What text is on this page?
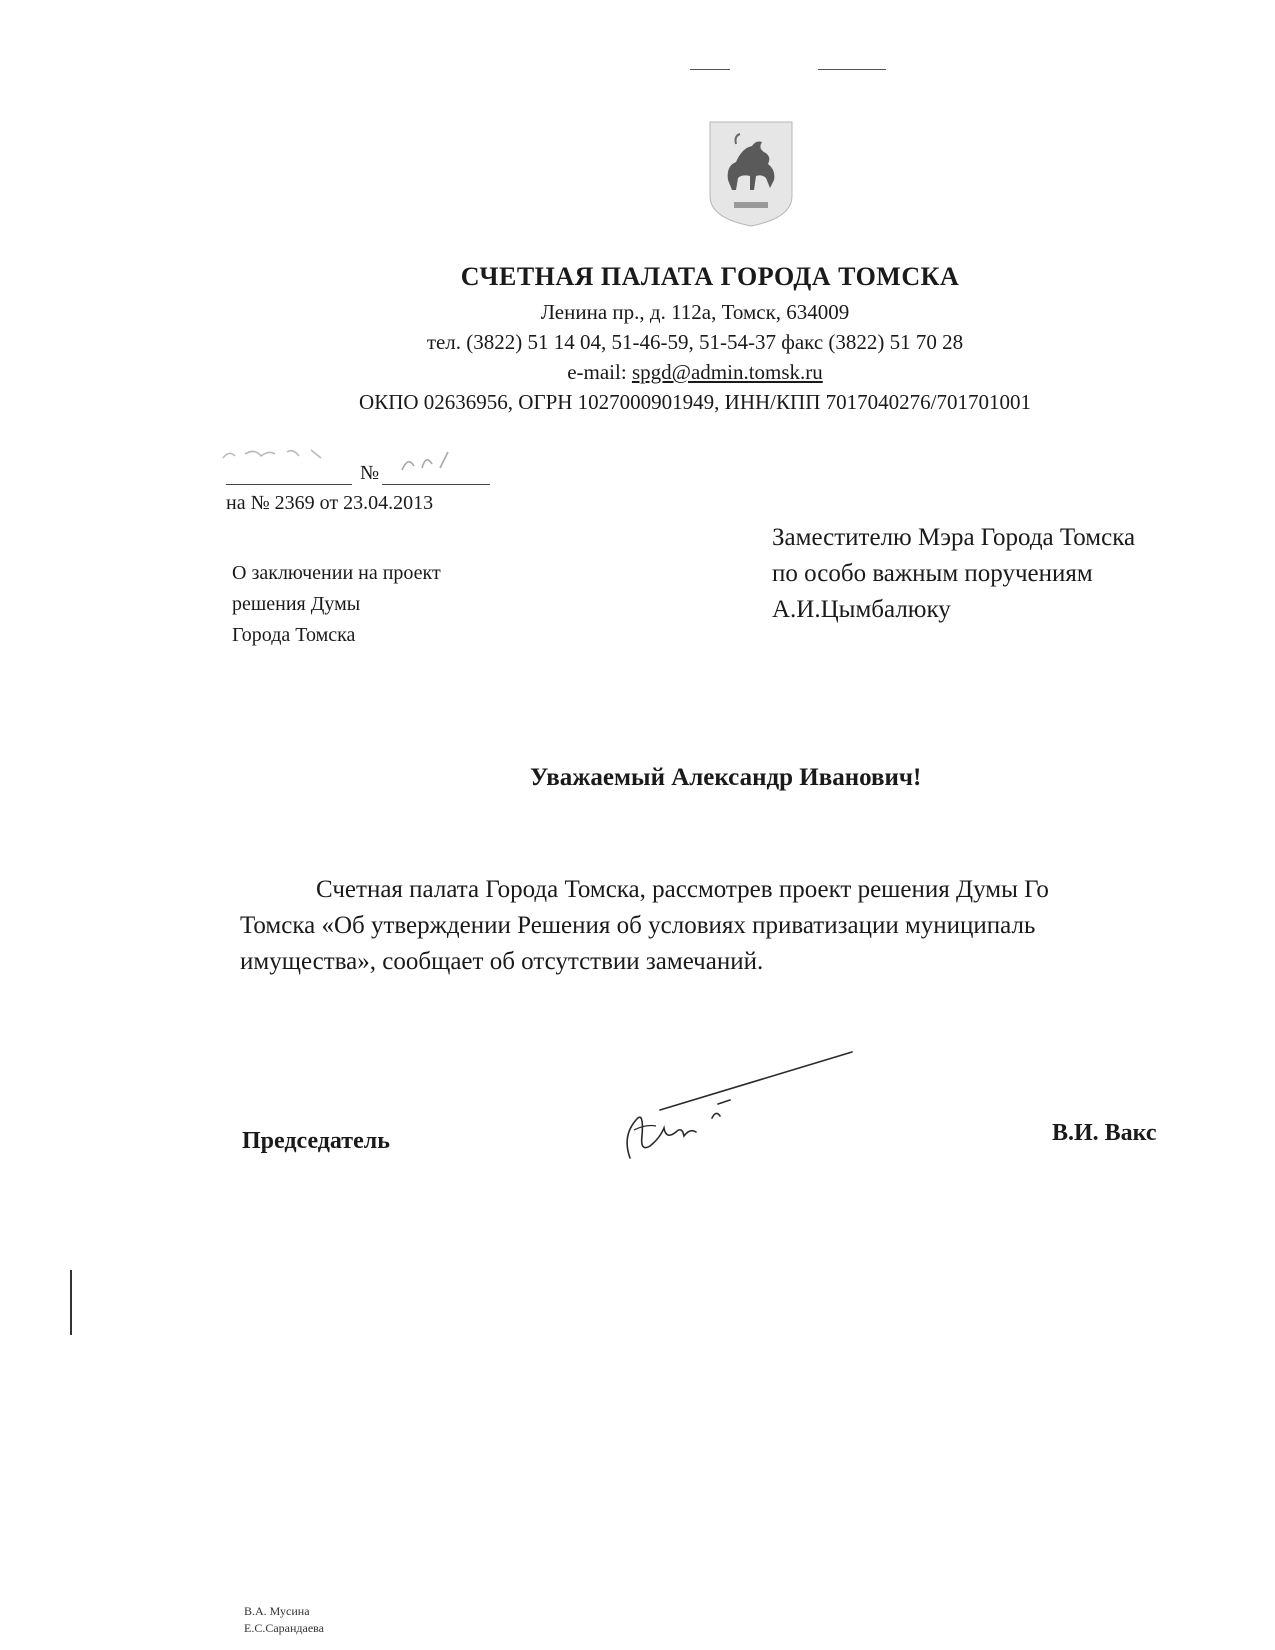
СЧЕТНАЯ ПАЛАТА ГОРОДА ТОМСКА
Ленина пр., д. 112а, Томск, 634009
тел. (3822) 51 14 04, 51-46-59, 51-54-37 факс (3822) 51 70 28
e-mail: spgd@admin.tomsk.ru
ОКПО 02636956, ОГРН 1027000901949, ИНН/КПП 7017040276/701701001
№
на № 2369 от 23.04.2013
О заключении на проект
решения Думы
Города Томска
Заместителю Мэра Города Томска
по особо важным поручениям
А.И.Цымбалюку
Уважаемый Александр Иванович!
Счетная палата Города Томска, рассмотрев проект решения Думы Го
Томска «Об утверждении Решения об условиях приватизации муниципаль
имущества», сообщает об отсутствии замечаний.
Председатель	В.И. Вакс
В.А. Мусина
Е.С.Сарандаева
